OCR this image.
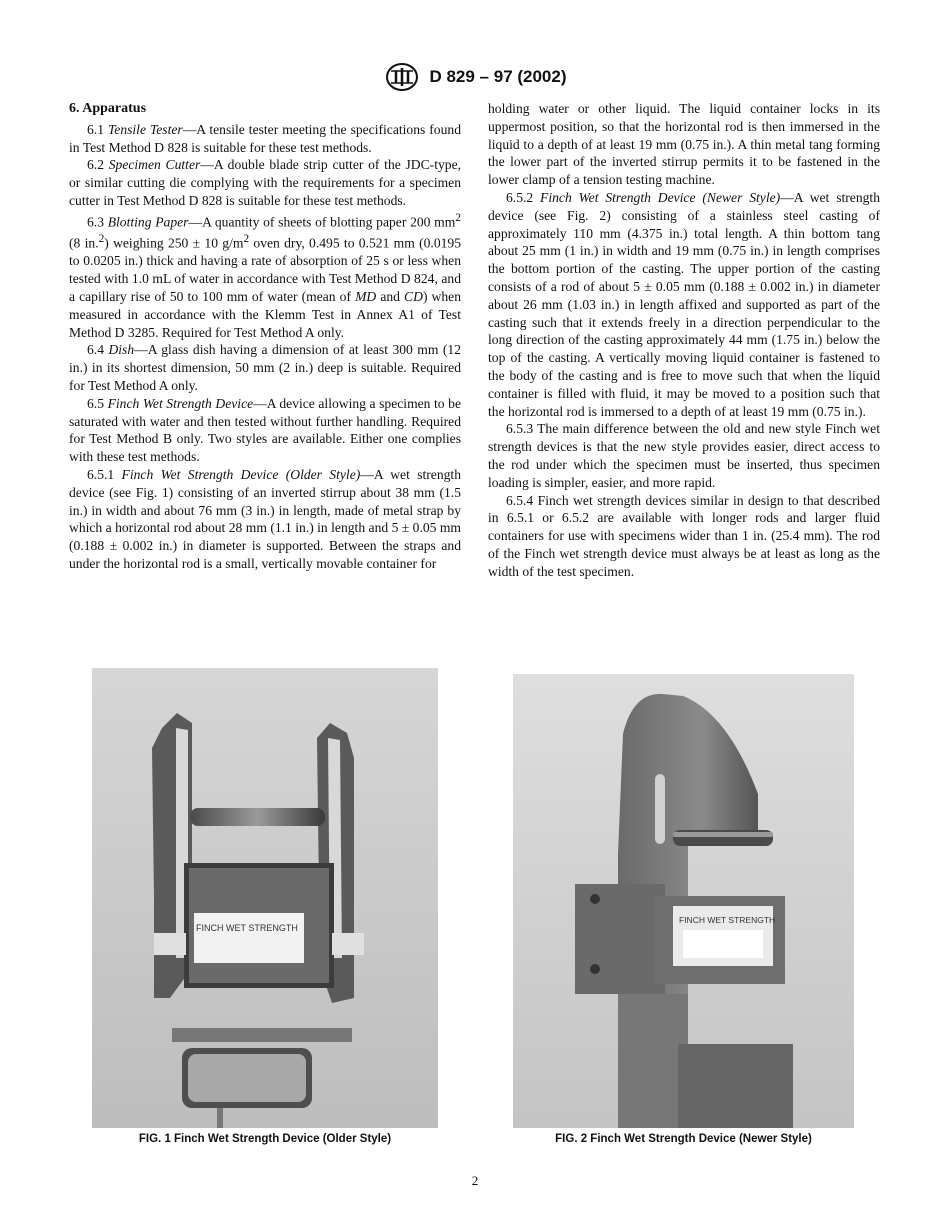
D 829 – 97 (2002)
6. Apparatus

6.1 Tensile Tester—A tensile tester meeting the specifications found in Test Method D 828 is suitable for these test methods.

6.2 Specimen Cutter—A double blade strip cutter of the JDC-type, or similar cutting die complying with the requirements for a specimen cutter in Test Method D 828 is suitable for these test methods.

6.3 Blotting Paper—A quantity of sheets of blotting paper 200 $mm^2$ (8 in.$^2$) weighing 250 ± 10 $g/m^2$ oven dry, 0.495 to 0.521 mm (0.0195 to 0.0205 in.) thick and having a rate of absorption of 25 s or less when tested with 1.0 mL of water in accordance with Test Method D 824, and a capillary rise of 50 to 100 mm of water (mean of MD and CD) when measured in accordance with the Klemm Test in Annex A1 of Test Method D 3285. Required for Test Method A only.

6.4 Dish—A glass dish having a dimension of at least 300 mm (12 in.) in its shortest dimension, 50 mm (2 in.) deep is suitable. Required for Test Method A only.

6.5 Finch Wet Strength Device—A device allowing a specimen to be saturated with water and then tested without further handling. Required for Test Method B only. Two styles are available. Either one complies with these test methods.

6.5.1 Finch Wet Strength Device (Older Style)—A wet strength device (see Fig. 1) consisting of an inverted stirrup about 38 mm (1.5 in.) in width and about 76 mm (3 in.) in length, made of metal strap by which a horizontal rod about 28 mm (1.1 in.) in length and 5 ± 0.05 mm (0.188 ± 0.002 in.) in diameter is supported. Between the straps and under the horizontal rod is a small, vertically movable container for

holding water or other liquid. The liquid container locks in its uppermost position, so that the horizontal rod is then immersed in the liquid to a depth of at least 19 mm (0.75 in.). A thin metal tang forming the lower part of the inverted stirrup permits it to be fastened in the lower clamp of a tension testing machine.

6.5.2 Finch Wet Strength Device (Newer Style)—A wet strength device (see Fig. 2) consisting of a stainless steel casting of approximately 110 mm (4.375 in.) total length. A thin bottom tang about 25 mm (1 in.) in width and 19 mm (0.75 in.) in length comprises the bottom portion of the casting. The upper portion of the casting consists of a rod of about 5 ± 0.05 mm (0.188 ± 0.002 in.) in diameter about 26 mm (1.03 in.) in length affixed and supported as part of the casting such that it extends freely in a direction perpendicular to the long direction of the casting approximately 44 mm (1.75 in.) below the top of the casting. A vertically moving liquid container is fastened to the body of the casting and is free to move such that when the liquid container is filled with fluid, it may be moved to a position such that the horizontal rod is immersed to a depth of at least 19 mm (0.75 in.).

6.5.3 The main difference between the old and new style Finch wet strength devices is that the new style provides easier, direct access to the rod under which the specimen must be inserted, thus specimen loading is simpler, easier, and more rapid.

6.5.4 Finch wet strength devices similar in design to that described in 6.5.1 or 6.5.2 are available with longer rods and larger fluid containers for use with specimens wider than 1 in. (25.4 mm). The rod of the Finch wet strength device must always be at least as long as the width of the test specimen.

FINCH WET STRENGTH
FIG. 1 Finch Wet Strength Device (Older Style)
FINCH WET STRENGTH
FIG. 2 Finch Wet Strength Device (Newer Style)
2
